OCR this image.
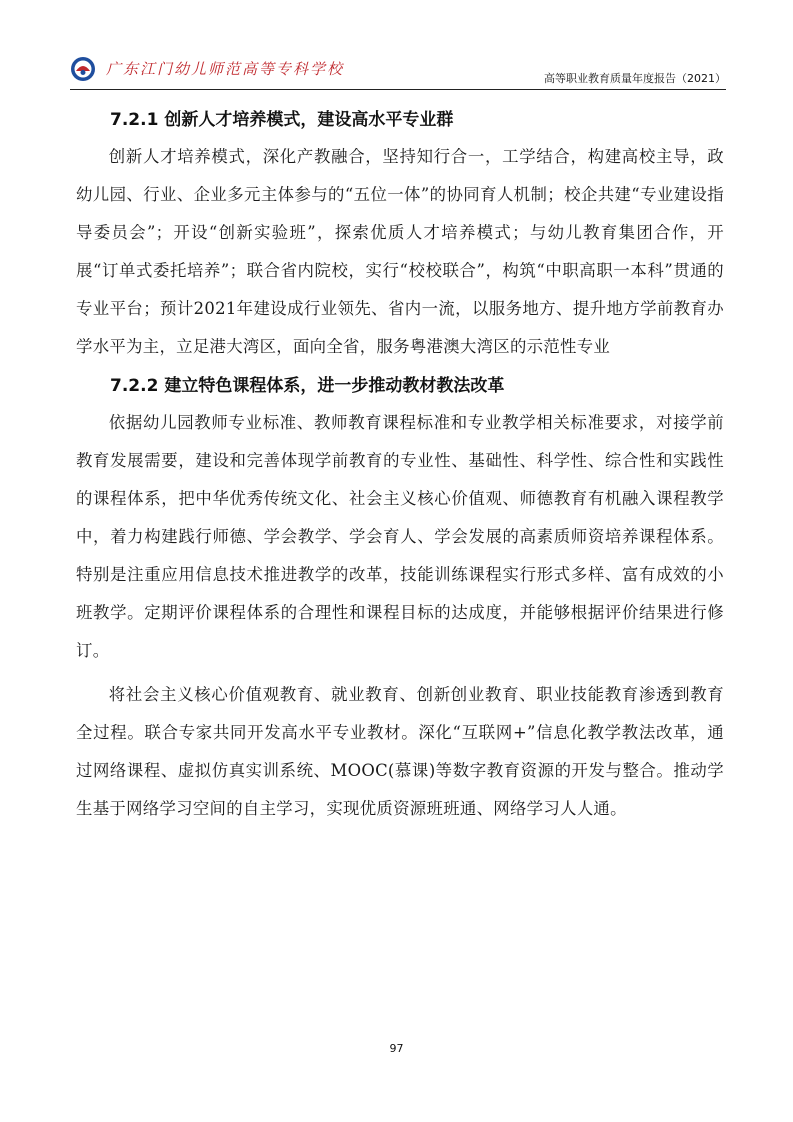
广东江门幼儿师范高等专科学校
高等职业教育质量年度报告（2021）
7.2.1 创新人才培养模式，建设高水平专业群

创新人才培养模式，深化产教融合，坚持知行合一，工学结合，构建高校主导，政幼儿园、行业、企业多元主体参与的“五位一体”的协同育人机制；校企共建“专业建设指导委员会”；开设“创新实验班”，探索优质人才培养模式；与幼儿教育集团合作，开展“订单式委托培养”；联合省内院校，实行“校校联合”，构筑“中职高职一本科”贯通的专业平台；预计2021年建设成行业领先、省内一流，以服务地方、提升地方学前教育办学水平为主，立足港大湾区，面向全省，服务粤港澳大湾区的示范性专业

7.2.2 建立特色课程体系，进一步推动教材教法改革

依据幼儿园教师专业标准、教师教育课程标准和专业教学相关标准要求，对接学前教育发展需要，建设和完善体现学前教育的专业性、基础性、科学性、综合性和实践性的课程体系，把中华优秀传统文化、社会主义核心价值观、师德教育有机融入课程教学中，着力构建践行师德、学会教学、学会育人、学会发展的高素质师资培养课程体系。特别是注重应用信息技术推进教学的改革，技能训练课程实行形式多样、富有成效的小班教学。定期评价课程体系的合理性和课程目标的达成度，并能够根据评价结果进行修订。

将社会主义核心价值观教育、就业教育、创新创业教育、职业技能教育渗透到教育全过程。联合专家共同开发高水平专业教材。深化“互联网+”信息化教学教法改革，通过网络课程、虚拟仿真实训系统、MOOC(慕课)等数字教育资源的开发与整合。推动学生基于网络学习空间的自主学习，实现优质资源班班通、网络学习人人通。

97
